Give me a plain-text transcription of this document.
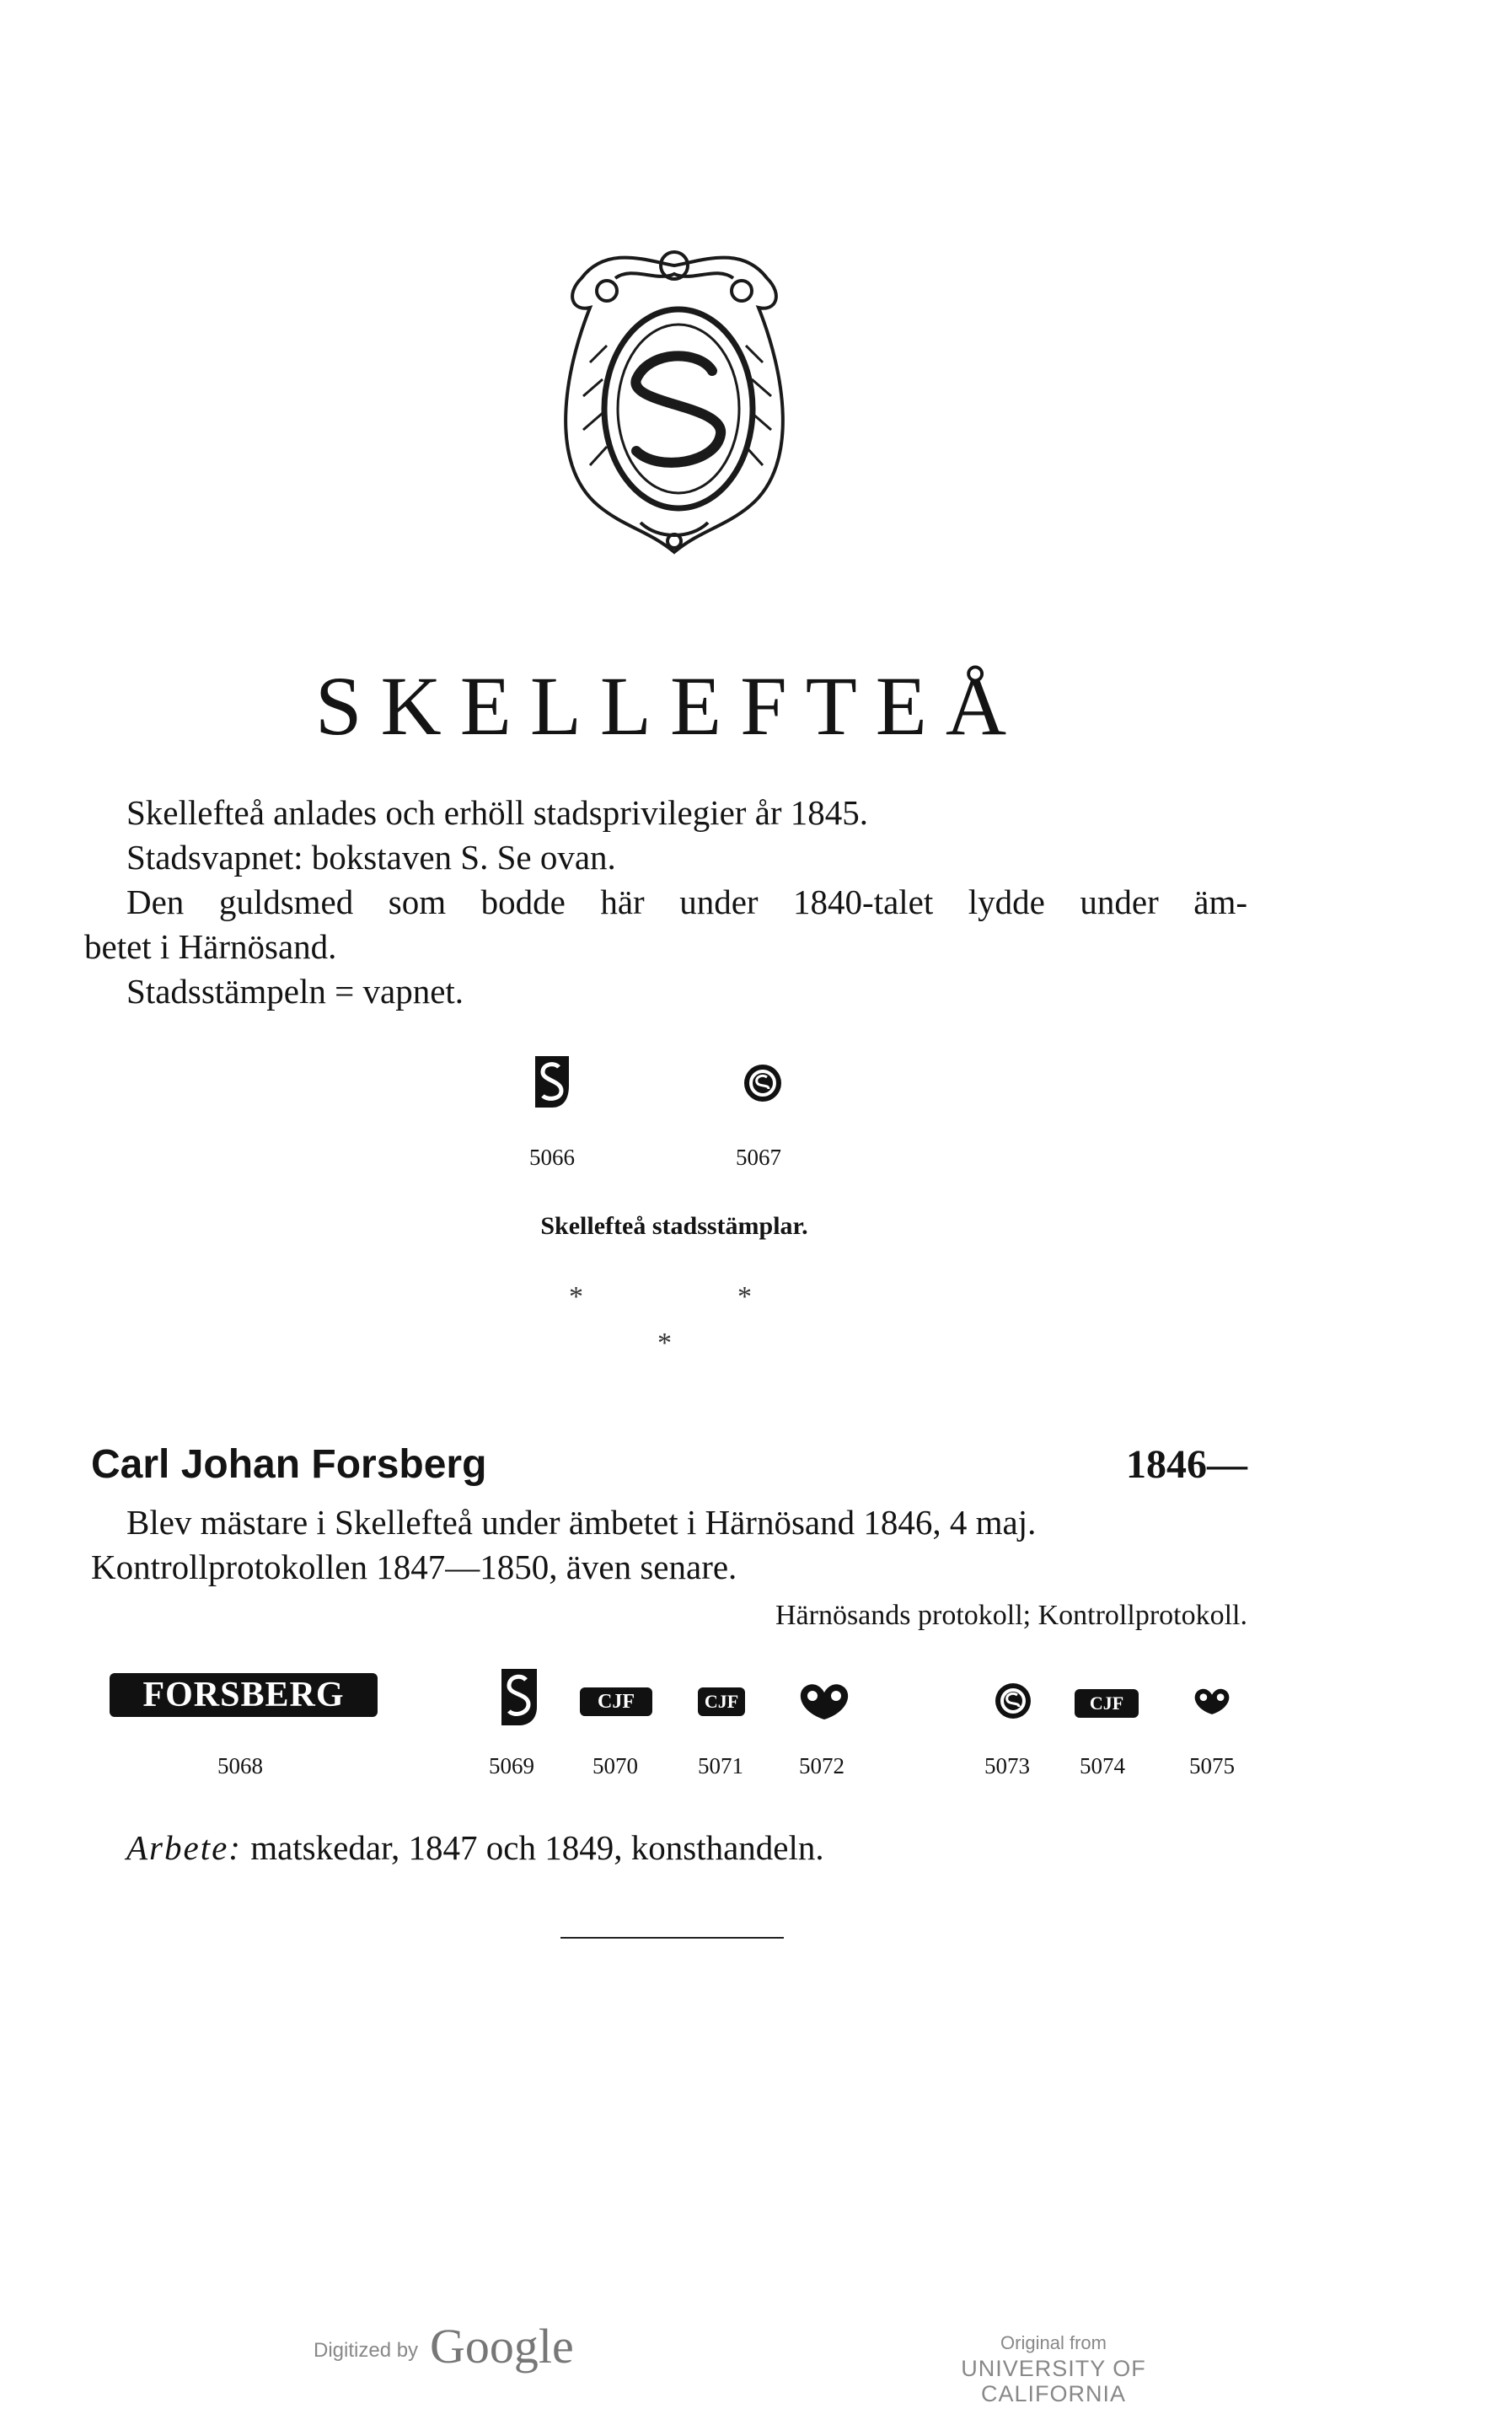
SKELLEFTEÅ
Skellefteå anlades och erhöll stadsprivilegier år 1845.
Stadsvapnet: bokstaven S. Se ovan.
Den guldsmed som bodde här under 1840-talet lydde under äm-
betet i Härnösand.
Stadsstämpeln = vapnet.
5066	5067
Skellefteå stadsstämplar.
*	*
*
Carl Johan Forsberg	1846—
Blev mästare i Skellefteå under ämbetet i Härnösand 1846, 4 maj.
Kontrollprotokollen 1847—1850, även senare.
Härnösands protokoll; Kontrollprotokoll.
FORSBERG	CJF	CJF	CJF
5068	5069	5070	5071	5072	5073	5074	5075
Arbete: matskedar, 1847 och 1849, konsthandeln.
Digitized by Google	Original from
UNIVERSITY OF CALIFORNIA
